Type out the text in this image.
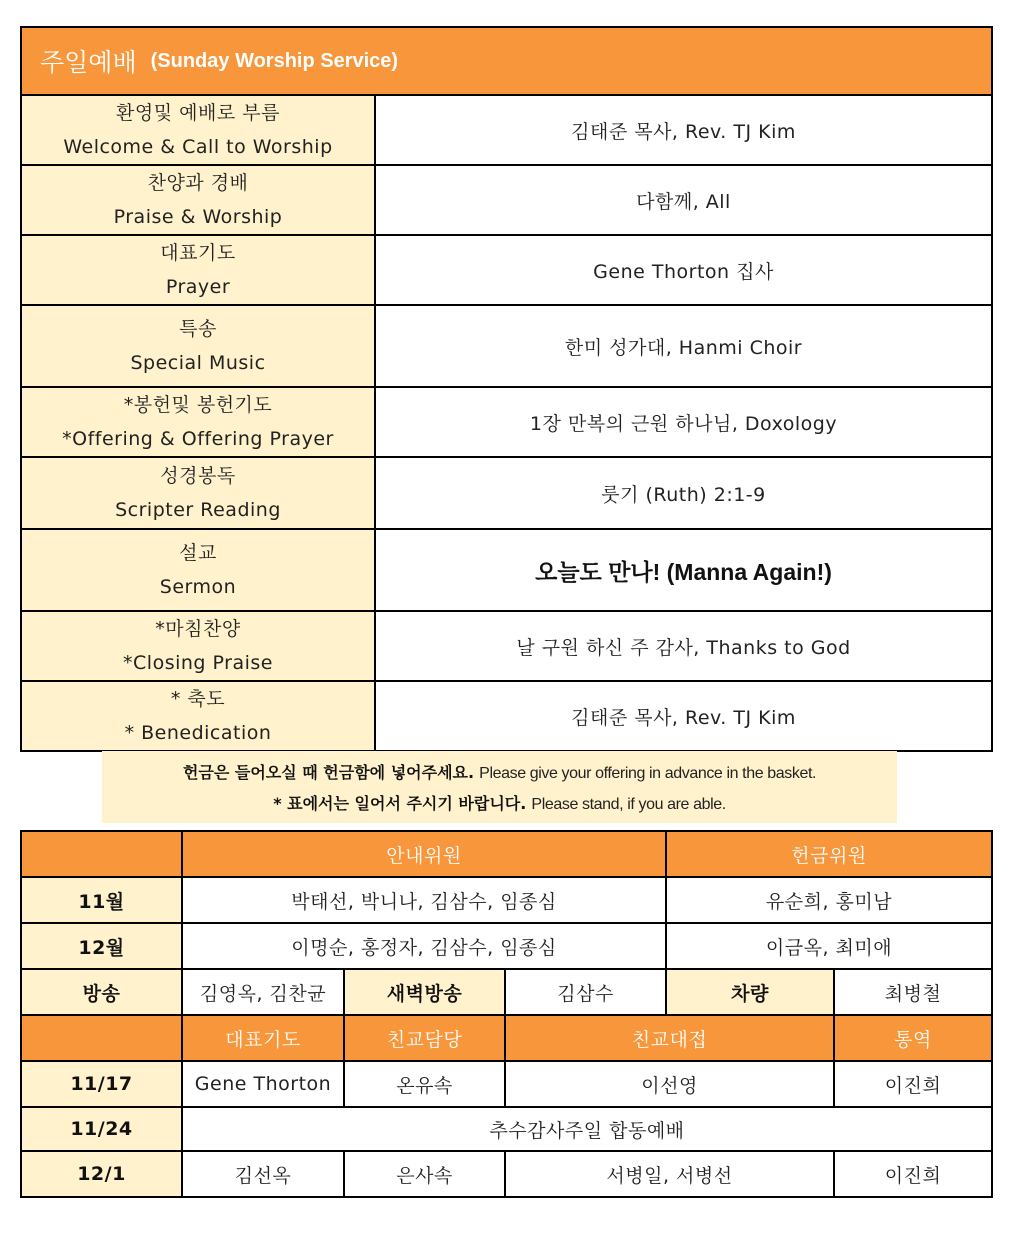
주일예배 (Sunday Worship Service)	

환영및 예배로 부름
Welcome & Call to Worship	김태준 목사, Rev. TJ Kim

찬양과 경배
Praise & Worship	다함께, All

대표기도
Prayer	Gene Thorton 집사

특송
Special Music	한미 성가대, Hanmi Choir

*봉헌및 봉헌기도
*Offering & Offering Prayer	1장 만복의 근원 하나님, Doxology

성경봉독
Scripter Reading	룻기 (Ruth) 2:1-9

설교
Sermon	오늘도 만나! (Manna Again!)

*마침찬양
*Closing Praise	날 구원 하신 주 감사, Thanks to God

* 축도
* Benedication	김태준 목사, Rev. TJ Kim
헌금은 들어오실 때 헌금함에 넣어주세요. Please give your offering in advance in the basket.
* 표에서는 일어서 주시기 바랍니다. Please stand, if you are able.
	안내위원			헌금위원	
11월	박태선, 박니나, 김삼수, 임종심			유순희, 홍미남	
12월	이명순, 홍정자, 김삼수, 임종심			이금옥, 최미애	
방송	김영옥, 김찬균	새벽방송	김삼수	차량	최병철
	대표기도	친교담당	친교대접		통역
11/17	Gene Thorton	온유속	이선영		이진희
11/24	추수감사주일 합동예배				
12/1	김선옥	은사속	서병일, 서병선		이진희
